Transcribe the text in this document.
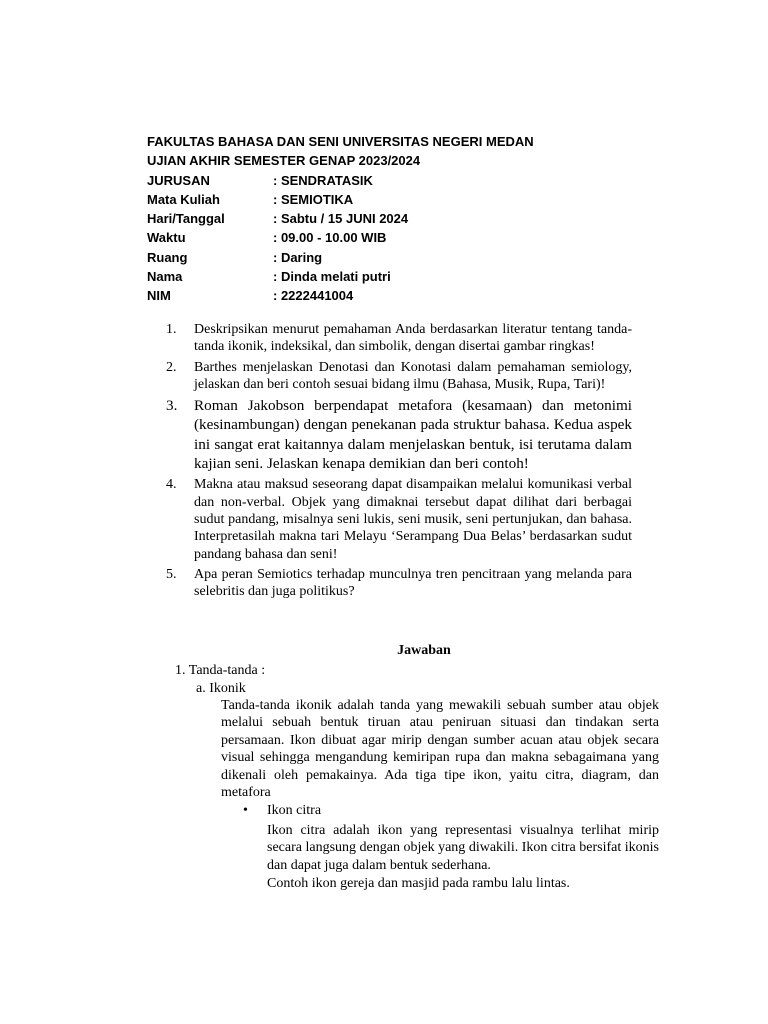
FAKULTAS BAHASA DAN SENI UNIVERSITAS NEGERI MEDAN
UJIAN AKHIR SEMESTER GENAP 2023/2024
JURUSAN	: SENDRATASIK
Mata Kuliah	: SEMIOTIKA
Hari/Tanggal	: Sabtu / 15 JUNI 2024
Waktu	: 09.00 - 10.00 WIB
Ruang	: Daring
Nama	: Dinda melati putri
NIM	: 2222441004
1.	Deskripsikan menurut pemahaman Anda berdasarkan literatur tentang tanda-tanda ikonik, indeksikal, dan simbolik, dengan disertai gambar ringkas!
2.	Barthes menjelaskan Denotasi dan Konotasi dalam pemahaman semiology, jelaskan dan beri contoh sesuai bidang ilmu (Bahasa, Musik, Rupa, Tari)!
3.	Roman Jakobson berpendapat metafora (kesamaan) dan metonimi (kesinambungan) dengan penekanan pada struktur bahasa. Kedua aspek ini sangat erat kaitannya dalam menjelaskan bentuk, isi terutama dalam kajian seni. Jelaskan kenapa demikian dan beri contoh!
4.	Makna atau maksud seseorang dapat disampaikan melalui komunikasi verbal dan non-verbal. Objek yang dimaknai tersebut dapat dilihat dari berbagai sudut pandang, misalnya seni lukis, seni musik, seni pertunjukan, dan bahasa. Interpretasilah makna tari Melayu ‘Serampang Dua Belas’ berdasarkan sudut pandang bahasa dan seni!
5.	Apa peran Semiotics terhadap munculnya tren pencitraan yang melanda para selebritis dan juga politikus?
Jawaban
1. Tanda-tanda :
a. Ikonik
Tanda-tanda ikonik adalah tanda yang mewakili sebuah sumber atau objek melalui sebuah bentuk tiruan atau peniruan situasi dan tindakan serta persamaan. Ikon dibuat agar mirip dengan sumber acuan atau objek secara visual sehingga mengandung kemiripan rupa dan makna sebagaimana yang dikenali oleh pemakainya. Ada tiga tipe ikon, yaitu citra, diagram, dan metafora
• Ikon citra
Ikon citra adalah ikon yang representasi visualnya terlihat mirip secara langsung dengan objek yang diwakili. Ikon citra bersifat ikonis dan dapat juga dalam bentuk sederhana.
Contoh ikon gereja dan masjid pada rambu lalu lintas.
